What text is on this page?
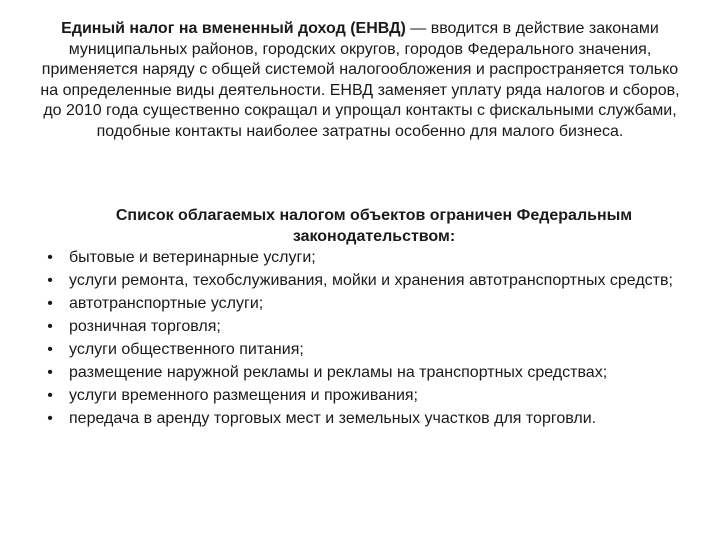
Единый налог на вмененный доход (ЕНВД) — вводится в действие законами муниципальных районов, городских округов, городов Федерального значения, применяется наряду с общей системой налогообложения и распространяется только на определенные виды деятельности. ЕНВД заменяет уплату ряда налогов и сборов, до 2010 года существенно сокращал и упрощал контакты с фискальными службами, подобные контакты наиболее затратны особенно для малого бизнеса.

Список облагаемых налогом объектов ограничен Федеральным законодательством:

• бытовые и ветеринарные услуги;
• услуги ремонта, техобслуживания, мойки и хранения автотранспортных средств;
• автотранспортные услуги;
• розничная торговля;
• услуги общественного питания;
• размещение наружной рекламы и рекламы на транспортных средствах;
• услуги временного размещения и проживания;
• передача в аренду торговых мест и земельных участков для торговли.
